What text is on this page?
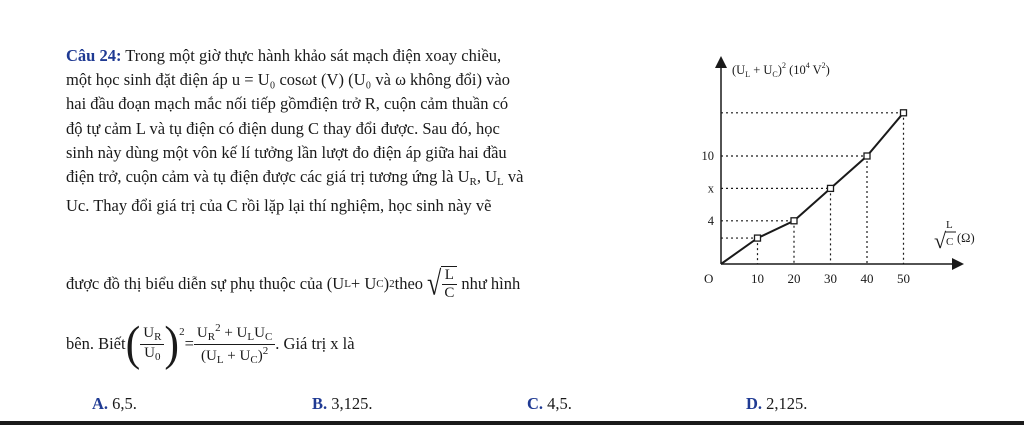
Câu 24: Trong một giờ thực hành khảo sát mạch điện xoay chiều,
một học sinh đặt điện áp u = U₀ cosωt (V) (U₀ và ω không đổi) vào
hai đầu đoạn mạch mắc nối tiếp gồmđiện trở R, cuộn cảm thuần có
độ tự cảm L và tụ điện có điện dung C thay đổi được. Sau đó, học
sinh này dùng một vôn kế lí tưởng lần lượt đo điện áp giữa hai đầu
điện trở, cuộn cảm và tụ điện được các giá trị tương ứng là $U_R$, $U_L$ và
Uc. Thay đổi giá trị của C rồi lặp lại thí nghiệm, học sinh này vẽ
được đồ thị biểu diễn sự phụ thuộc của (U L + U C ) 2 theo √ $\frac{L}{C}$ như hình
bên. Biết ( $\frac{U_R}{U_0}$ ) 2
= $\frac{U_R^2 + U_LU_C}{(U_L + U_C)^2}$ . Giá trị x là
A. 6,5.	B. 3,125.	C. 4,5.	D. 2,125.
$(U_L + U_C)^2$ ($10^4$ $V^2$)
√
L
C (Ω)
O
10
x
4
10 20 30 40 50
